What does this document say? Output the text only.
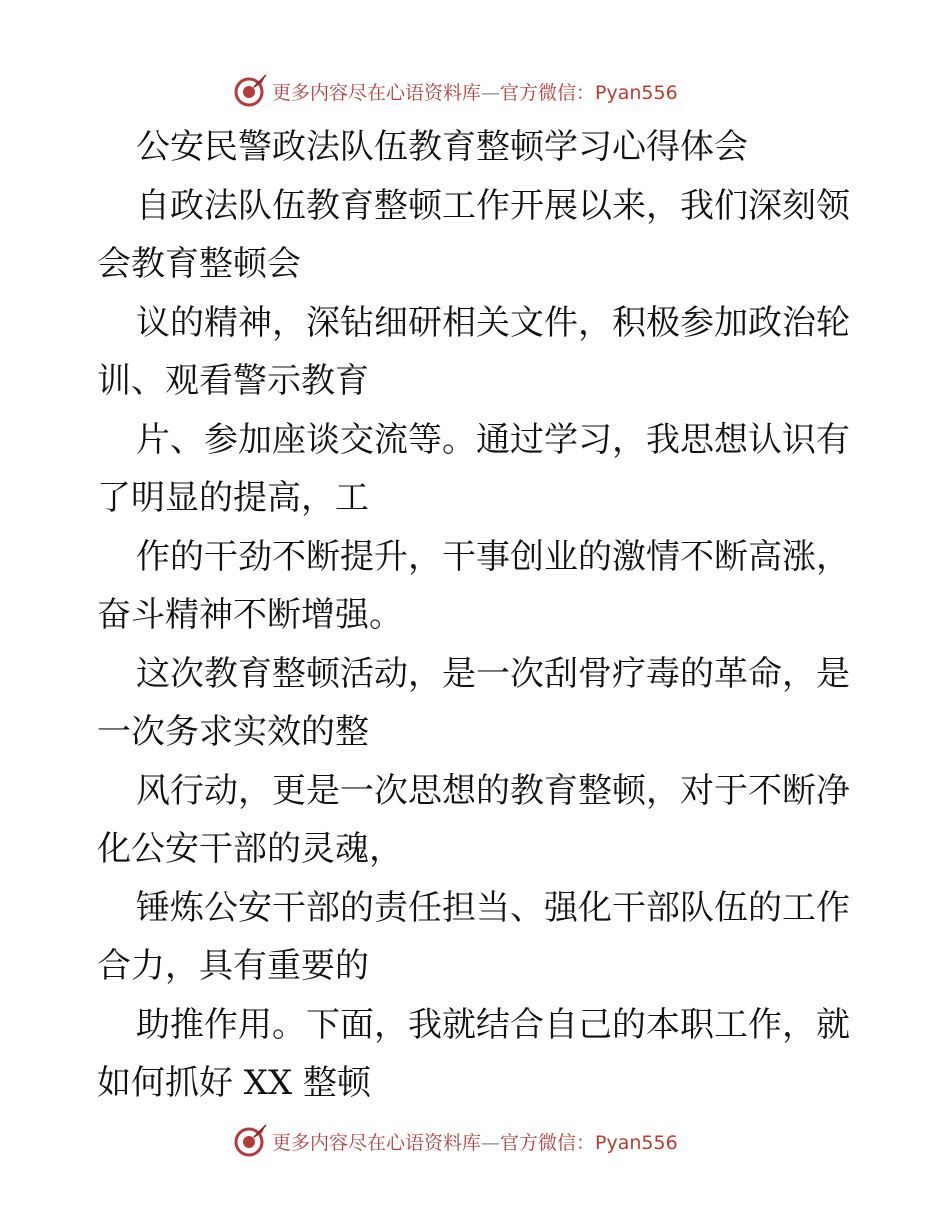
更多内容尽在心语资料库—官方微信：Pyan556
公安民警政法队伍教育整顿学习心得体会
自政法队伍教育整顿工作开展以来，我们深刻领
会教育整顿会
议的精神，深钻细研相关文件，积极参加政治轮
训、观看警示教育
片、参加座谈交流等。通过学习，我思想认识有
了明显的提高，工
作的干劲不断提升，干事创业的激情不断高涨，
奋斗精神不断增强。
这次教育整顿活动，是一次刮骨疗毒的革命，是
一次务求实效的整
风行动，更是一次思想的教育整顿，对于不断净
化公安干部的灵魂，
锤炼公安干部的责任担当、强化干部队伍的工作
合力，具有重要的
助推作用。下面，我就结合自己的本职工作，就
如何抓好 XX 整顿
更多内容尽在心语资料库—官方微信：Pyan556
